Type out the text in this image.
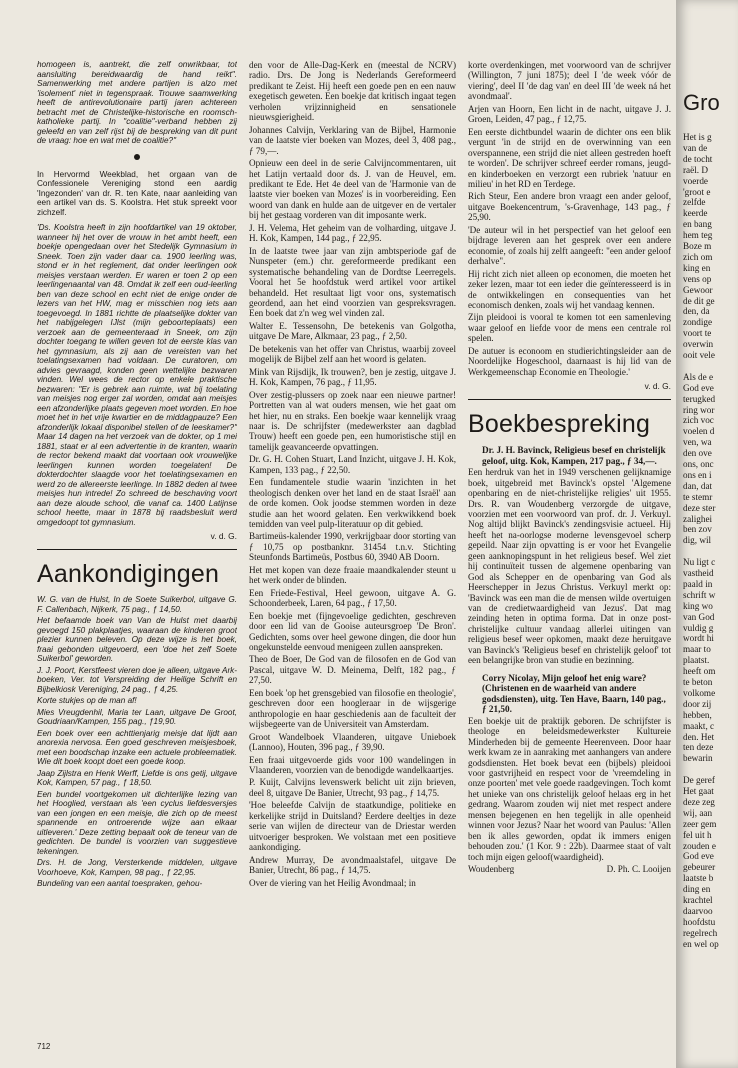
homogeen is, aantrekt, die zelf onwrikbaar, tot aansluiting bereidwaardig de hand reikt". Samenwerking met andere partijen is alzo met 'isolement' niet in tegenspraak. Trouwe saamwerking heeft de antirevolutionaire partij jaren achtereen betracht met de Christelijke-historische en roomsch-katholieke partij. In "coalitie"-verband hebben zij geleefd en van zelf rijst bij de bespreking van dit punt de vraag: hoe en wat met de coalitie?"

In Hervormd Weekblad, het orgaan van de Confessionele Vereniging stond een aardig 'Ingezonden' van dr. R. ten Kate, naar aanleiding van een artikel van ds. S. Koolstra. Het stuk spreekt voor zichzelf.

'Ds. Koolstra heeft in zijn hoofdartikel van 19 oktober, wanneer hij het over de vrouw in het ambt heeft, een boekje opengedaan over het Stedelijk Gymnasium in Sneek. Toen zijn vader daar ca. 1900 leerling was, stond er in het reglement, dat onder leerlingen ook meisjes verstaan werden. Er waren er toen 2 op een leerlingenaantal van 48. Omdat ik zelf een oud-leerling ben van deze school en echt niet de enige onder de lezers van het HW, mag er misschien nog iets aan toegevoegd. In 1881 richtte de plaatselijke dokter van het nabijgelegen IJlst (mijn geboorteplaats) een verzoek aan de gemeenteraad in Sneek, om zijn dochter toegang te willen geven tot de eerste klas van het gymnasium, als zij aan de vereisten van het toelatingsexamen had voldaan. De curatoren, om advies gevraagd, konden geen wettelijke bezwaren vinden. Wel wees de rector op enkele praktische bezwaren: "Er is gebrek aan ruimte, wat bij toelating van meisjes nog erger zal worden, omdat aan meisjes een afzonderlijke plaats gegeven moet worden. En hoe moet het in het vrije kwartier en de middagpauze? Een afzonderlijk lokaal disponibel stellen of de leeskamer?" Maar 14 dagen na het verzoek van de dokter, op 1 mei 1881, staat er al een advertentie in de kranten, waarin de rector bekend maakt dat voortaan ook vrouwelijke leerlingen kunnen worden toegelaten! De dokterdochter slaagde voor het toelatingsexamen en werd zo de allereerste leerlinge. In 1882 deden al twee meisjes hun intrede! Zo schreed de beschaving voort aan deze aloude school, die vanaf ca. 1400 Latijnse school heette, maar in 1878 bij raadsbesluit werd omgedoopt tot gymnasium.

v. d. G.
Aankondigingen

W. G. van de Hulst, In de Soete Suikerbol, uitgave G. F. Callenbach, Nijkerk, 75 pag., ƒ 14,50.

Het befaamde boek van Van de Hulst met daarbij gevoegd 150 plakplaatjes, waaraan de kinderen groot plezier kunnen beleven. Op deze wijze is het boek, fraai gebonden uitgevoerd, een 'doe het zelf Soete Suikerbol' geworden.

J. J. Poort, Kerstfeest vieren doe je alleen, uitgave Ark-boeken, Ver. tot Verspreiding der Heilige Schrift en Bijbelkiosk Vereniging, 24 pag., ƒ 4,25.

Korte stukjes op de man af!

Mies Vreugdenhil, Maria ter Laan, uitgave De Groot, Goudriaan/Kampen, 155 pag., ƒ19,90.

Een boek over een achttienjarig meisje dat lijdt aan anorexia nervosa. Een goed geschreven meisjesboek, met een boodschap inzake een actuele probleematiek. Wie dit boek koopt doet een goede koop.

Jaap Zijlstra en Henk Werff, Liefde is ons getij, uitgave Kok, Kampen, 57 pag., ƒ 18,50.

Een bundel voortgekomen uit dichterlijke lezing van het Hooglied, verstaan als 'een cyclus liefdesversjes van een jongen en een meisje, die zich op de meest spannende en ontroerende wijze aan elkaar uitleveren.' Deze zetting bepaalt ook de teneur van de gedichten. De bundel is voorzien van suggestieve tekeningen.

Drs. H. de Jong, Versterkende middelen, uitgave Voorhoeve, Kok, Kampen, 98 pag., ƒ 22,95.

Bundeling van een aantal toespraken, gehou-

den voor de Alle-Dag-Kerk en (meestal de NCRV) radio. Drs. De Jong is Nederlands Gereformeerd predikant te Zeist. Hij heeft een goede pen en een nauw exegetisch geweten. Een boekje dat kritisch ingaat tegen verholen vrijzinnigheid en sensationele nieuwsgierigheid.

Johannes Calvijn, Verklaring van de Bijbel, Harmonie van de laatste vier boeken van Mozes, deel 3, 408 pag., ƒ 79,—.

Opnieuw een deel in de serie Calvijncommentaren, uit het Latijn vertaald door ds. J. van de Heuvel, em. predikant te Ede. Het 4e deel van de 'Harmonie van de laatste vier boeken van Mozes' is in voorbereiding. Een woord van dank en hulde aan de uitgever en de vertaler bij het gestaag vorderen van dit imposante werk.

J. H. Velema, Het geheim van de volharding, uitgave J. H. Kok, Kampen, 144 pag., ƒ 22,95.

In de laatste twee jaar van zijn ambtsperiode gaf de Nunspeter (em.) chr. gereformeerde predikant een systematische behandeling van de Dordtse Leerregels. Vooral het 5e hoofdstuk werd artikel voor artikel behandeld. Het resultaat ligt voor ons, systematisch geordend, aan het eind voorzien van gespreksvragen. Een boek dat z'n weg wel vinden zal.

Walter E. Tessensohn, De betekenis van Golgotha, uitgave De Mare, Alkmaar, 23 pag., ƒ 2,50.

De betekenis van het offer van Christus, waarbij zoveel mogelijk de Bijbel zelf aan het woord is gelaten.

Mink van Rijsdijk, Ik trouwen?, ben je zestig, uitgave J. H. Kok, Kampen, 76 pag., ƒ 11,95.

Over zestig-plussers op zoek naar een nieuwe partner! Portretten van al wat ouders mensen, wie het gaat om het hier, nu en straks. Een boekje waar kennelijk vraag naar is. De schrijfster (medewerkster aan dagblad Trouw) heeft een goede pen, een humoristische stijl en tamelijk geavanceerde opvattingen.

Dr. G. H. Cohen Stuart, Land Inzicht, uitgave J. H. Kok, Kampen, 133 pag., ƒ 22,50.

Een fundamentele studie waarin 'inzichten in het theologisch denken over het land en de staat Israël' aan de orde komen. Ook joodse stemmen worden in deze studie aan het woord gelaten. Een verkwikkend boek temidden van veel pulp-literatuur op dit gebied.

Bartimeüs-kalender 1990, verkrijgbaar door storting van ƒ 10,75 op postbanknr. 31454 t.n.v. Stichting Steunfonds Bartimeüs, Postbus 60, 3940 AB Doorn.

Het met kopen van deze fraaie maandkalender steunt u het werk onder de blinden.

Een Friede-Festival, Heel gewoon, uitgave A. G. Schoonderbeek, Laren, 64 pag., ƒ 17,50.

Een boekje met (fijngevoelige gedichten, geschreven door een lid van de Gooise auteursgroep 'De Bron'. Gedichten, soms over heel gewone dingen, die door hun ongekunstelde eenvoud menigeen zullen aanspreken.

Theo de Boer, De God van de filosofen en de God van Pascal, uitgave W. D. Meinema, Delft, 182 pag., ƒ 27,50.

Een boek 'op het grensgebied van filosofie en theologie', geschreven door een hoogleraar in de wijsgerige anthropologie en haar geschiedenis aan de faculteit der wijsbegeerte van de Universiteit van Amsterdam.

Groot Wandelboek Vlaanderen, uitgave Unieboek (Lannoo), Houten, 396 pag., ƒ 39,90.

Een fraai uitgevoerde gids voor 100 wandelingen in Vlaanderen, voorzien van de benodigde wandelkaartjes.

P. Kuijt, Calvijns levenswerk belicht uit zijn brieven, deel 8, uitgave De Banier, Utrecht, 93 pag., ƒ 14,75.

'Hoe beleefde Calvijn de staatkundige, politieke en kerkelijke strijd in Duitsland? Eerdere deeltjes in deze serie van wijlen de directeur van de Driestar werden uitvoeriger besproken. We volstaan met een positieve aankondiging.

Andrew Murray, De avondmaalstafel, uitgave De Banier, Utrecht, 86 pag., ƒ 14,75.

Over de viering van het Heilig Avondmaal; in

korte overdenkingen, met voorwoord van de schrijver (Willington, 7 juni 1875); deel I 'de week vóór de viering', deel II 'de dag van' en deel III 'de week ná het avondmaal'.

Arjen van Hoorn, Een licht in de nacht, uitgave J. J. Groen, Leiden, 47 pag., ƒ 12,75.

Een eerste dichtbundel waarin de dichter ons een blik vergunt 'in de strijd en de overwinning van een overspannene, een strijd die niet alleen gestreden hoeft te worden'. De schrijver schreef eerder romans, jeugd- en kinderboeken en verzorgt een rubriek 'natuur en milieu' in het RD en Terdege.

Rich Steur, Een andere bron vraagt een ander geloof, uitgave Boekencentrum, 's-Gravenhage, 143 pag., ƒ 25,90.

'De auteur wil in het perspectief van het geloof een bijdrage leveren aan het gesprek over een andere economie, of zoals hij zelft aangeeft: "een ander geloof derhalve".

Hij richt zich niet alleen op economen, die moeten het zeker lezen, maar tot een ieder die geïnteresseerd is in de ontwikkelingen en consequenties van het economisch denken, zoals wij het vandaag kennen.

Zijn pleidooi is vooral te komen tot een samenleving waar geloof en liefde voor de mens een centrale rol spelen.

De autuer is econoom en studierichtingsleider aan de Noordelijke Hogeschool, daarnaast is hij lid van de Werkgemeenschap Economie en Theologie.'

v. d. G.
Boekbespreking

Dr. J. H. Bavinck, Religieus besef en christelijk geloof, uitg. Kok, Kampen, 217 pag., ƒ 34,—.

Een herdruk van het in 1949 verschenen gelijknamige boek, uitgebreid met Bavinck's opstel 'Algemene openbaring en de niet-christelijke religies' uit 1955. Drs. R. van Woudenberg verzorgde de uitgave, voorzien met een voorwoord van prof. dr. J. Verkuyl. Nog altijd blijkt Bavinck's zendingsvisie actueel. Hij heeft het na-oorlogse moderne levensgevoel scherp gepeild. Naar zijn opvatting is er voor het Evangelie geen aanknopingspunt in het religieus besef. Wel ziet hij continuïteit tussen de algemene openbaring van God als Schepper en de openbaring van God als Heerschepper in Jezus Christus. Verkuyl merkt op: 'Bavinck was een man die de mensen wilde overtuigen van de credietwaardigheid van Jezus'. Dat mag zeinding heten in optima forma. Dat in onze post-christelijke cultuur vandaag allerlei uitingen van religieus besef weer opkomen, maakt deze heruitgave van Bavinck's 'Religieus besef en christelijk geloof' tot een belangrijke bron van studie en bezinning.

Corry Nicolay, Mijn geloof het enig ware? (Christenen en de waarheid van andere godsdiensten), uitg. Ten Have, Baarn, 140 pag., ƒ 21,50.

Een boekje uit de praktijk geboren. De schrijfster is theologe en beleidsmedewerkster Kultureie Minderheden bij de gemeente Heerenveen. Door haar werk kwam ze in aanraking met aanhangers van andere godsdiensten. Het boek bevat een (bijbels) pleidooi voor gastvrijheid en respect voor de 'vreemdeling in onze poorten' met vele goede raadgevingen. Toch komt het unieke van ons christelijk geloof helaas erg in het gedrang. Waarom zouden wij niet met respect andere mensen bejegenen en hen tegelijk in alle openheid winnen voor Jezus? Naar het woord van Paulus: 'Allen ben ik alles geworden, opdat ik immers enigen behouden zou.' (1 Kor. 9 : 22b). Daarmee staat of valt toch mijn eigen geloof(waardigheid).

Woudenberg	D. Ph. C. Looijen
712
Gro
Het is g
van de
de tocht
raël. D
voerde
'groot e
zelfde
keerde
en bang
hem teg
Boze m
zich om
king en
vens op
Gewoor
de dit ge
den, da
zondige
voort te
overwin
ooit vele
Als de e
God eve
terugked
ring wor
zich voc
voelen d
ven, wa
den ove
ons, onc
ons en i
dan, dat
te stemr
deze ster
zalighei
ben zov
dig, wil
Nu ligt c
vastheid
paald in
schrift w
king wo
van God
vuldig g
wordt hi
maar to
plaatst.
heeft om
te beton
volkome
door zij
hebben,
maakt, c
den. Het
ten deze
bewarin
De geref
Het gaat
deze zeg
wij, aan
zeer gem
fel uit h
zouden e
God eve
gebeurer
laatste b
ding en
krachtel
daarvoo
hoofdstu
regelrech
en wel op
